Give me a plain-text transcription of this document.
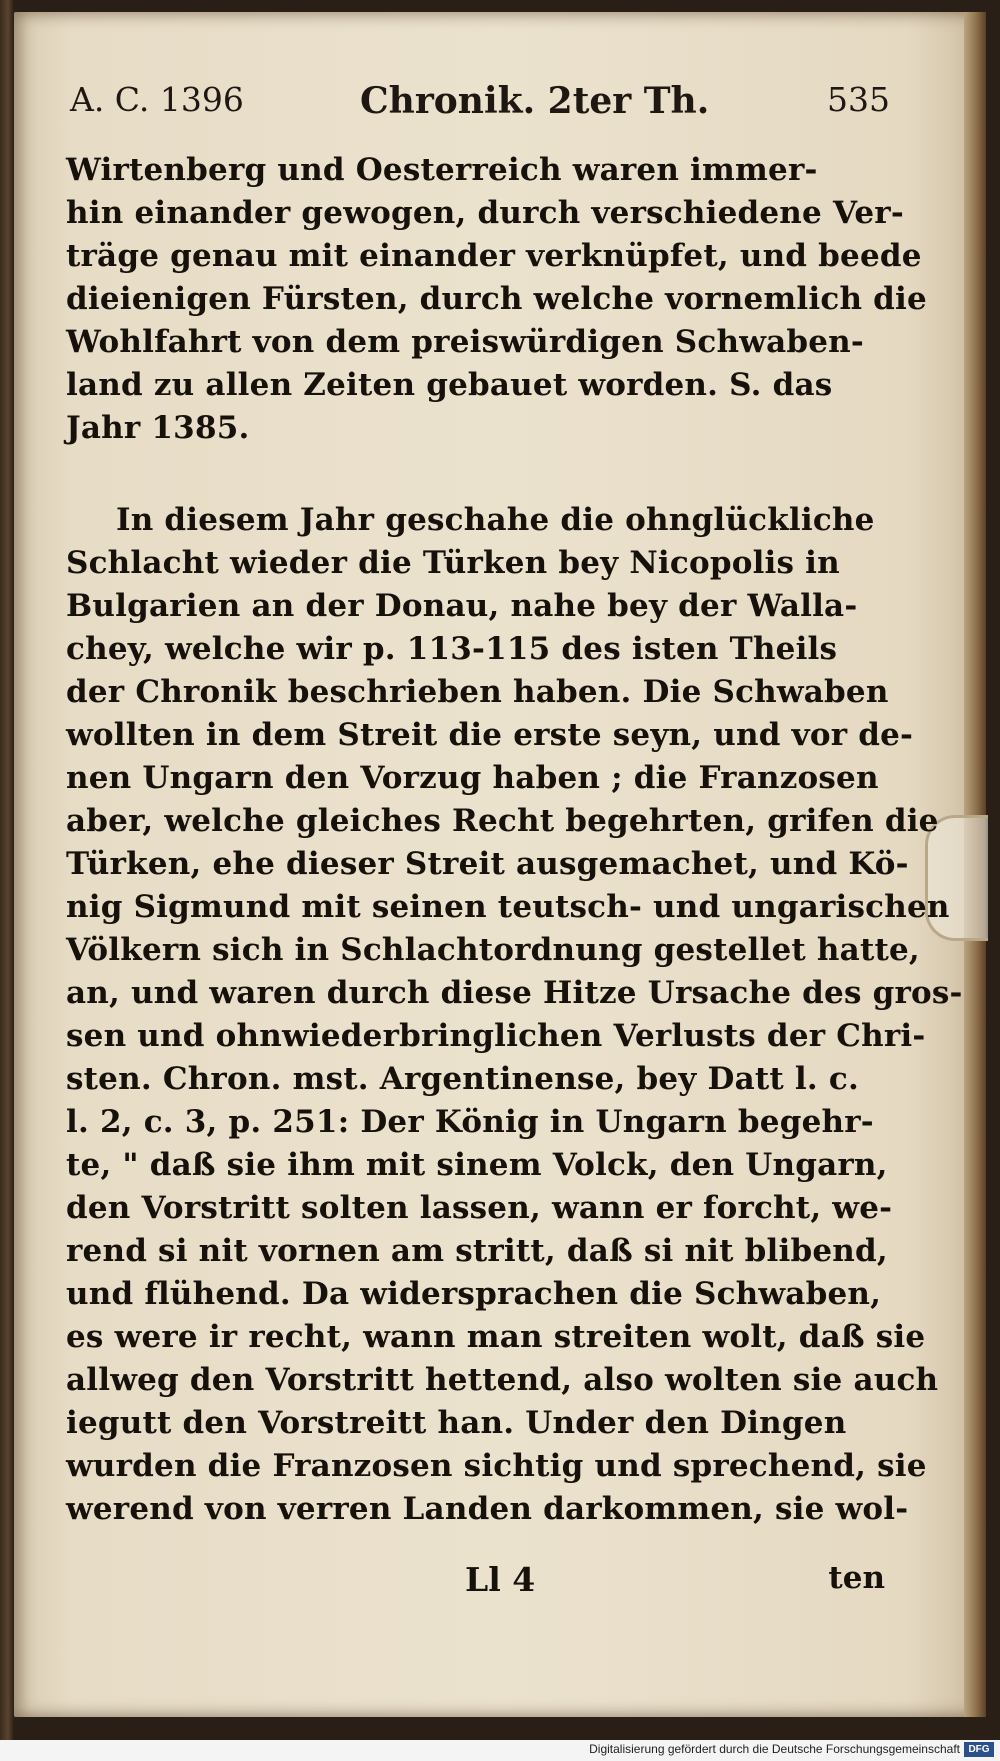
A. C. 1396	Chronik. 2ter Th.	535
Wirtenberg und Oesterreich waren immer-
hin einander gewogen, durch verschiedene Ver-
träge genau mit einander verknüpfet, und beede
dieienigen Fürsten, durch welche vornemlich die
Wohlfahrt von dem preiswürdigen Schwaben-
land zu allen Zeiten gebauet worden. S. das
Jahr 1385.
In diesem Jahr geschahe die ohnglückliche
Schlacht wieder die Türken bey Nicopolis in
Bulgarien an der Donau, nahe bey der Walla-
chey, welche wir p. 113-115 des isten Theils
der Chronik beschrieben haben. Die Schwaben
wollten in dem Streit die erste seyn, und vor de-
nen Ungarn den Vorzug haben ; die Franzosen
aber, welche gleiches Recht begehrten, grifen die
Türken, ehe dieser Streit ausgemachet, und Kö-
nig Sigmund mit seinen teutsch- und ungarischen
Völkern sich in Schlachtordnung gestellet hatte,
an, und waren durch diese Hitze Ursache des gros-
sen und ohnwiederbringlichen Verlusts der Chri-
sten. Chron. mst. Argentinense, bey Datt l. c.
l. 2, c. 3, p. 251: Der König in Ungarn begehr-
te, " daß sie ihm mit sinem Volck, den Ungarn,
den Vorstritt solten lassen, wann er forcht, we-
rend si nit vornen am stritt, daß si nit blibend,
und flühend. Da widersprachen die Schwaben,
es were ir recht, wann man streiten wolt, daß sie
allweg den Vorstritt hettend, also wolten sie auch
iegutt den Vorstreitt han. Under den Dingen
wurden die Franzosen sichtig und sprechend, sie
werend von verren Landen darkommen, sie wol-
Ll 4	ten
Digitalisierung gefördert durch die Deutsche Forschungsgemeinschaft DFG
